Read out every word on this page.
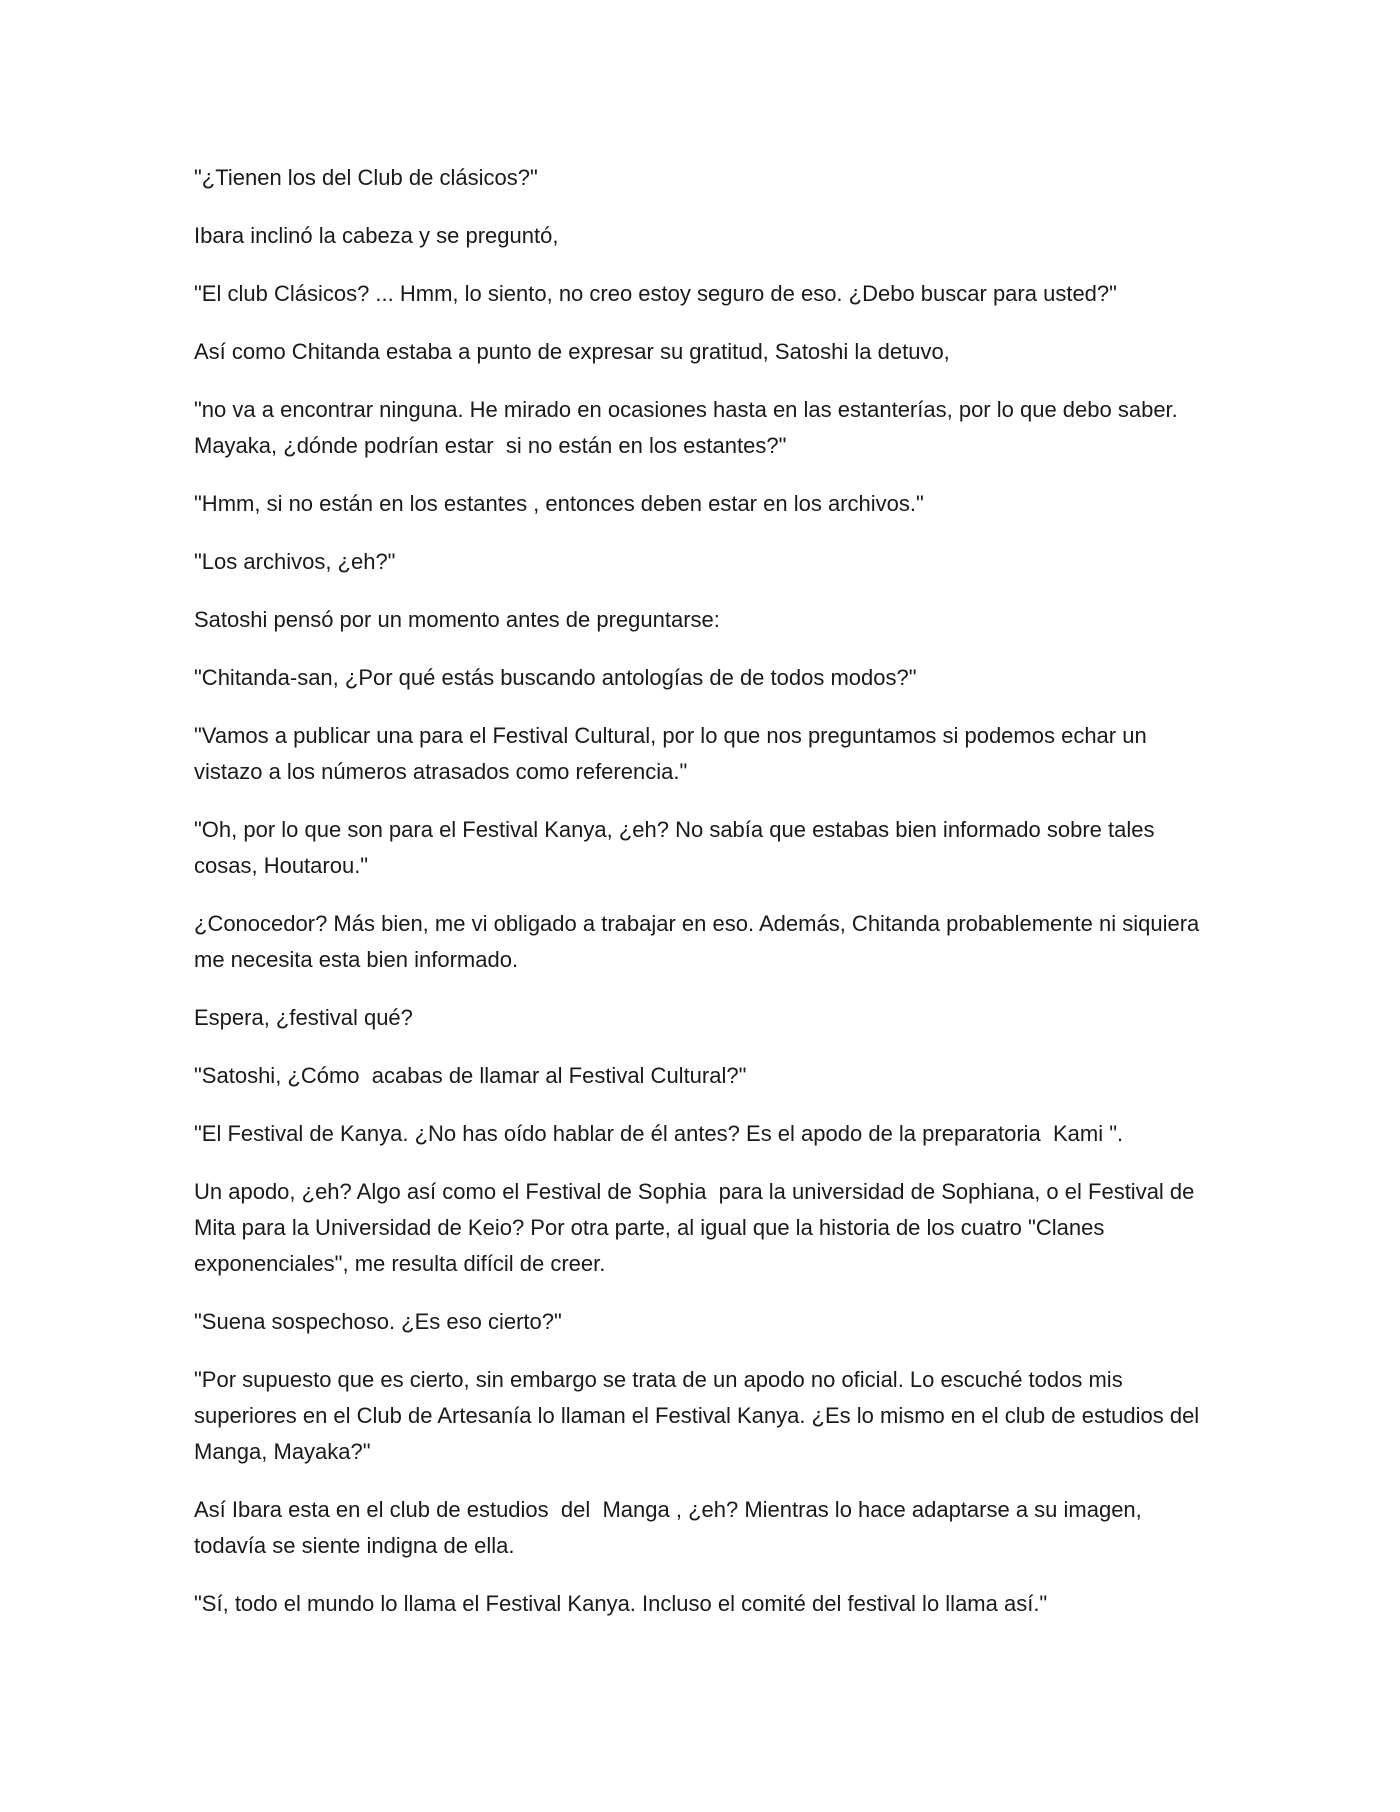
"¿Tienen los del Club de clásicos?"

Ibara inclinó la cabeza y se preguntó,

"El club Clásicos? ... Hmm, lo siento, no creo estoy seguro de eso. ¿Debo buscar para usted?"

Así como Chitanda estaba a punto de expresar su gratitud, Satoshi la detuvo,

"no va a encontrar ninguna. He mirado en ocasiones hasta en las estanterías, por lo que debo saber. Mayaka, ¿dónde podrían estar  si no están en los estantes?"

"Hmm, si no están en los estantes , entonces deben estar en los archivos."

"Los archivos, ¿eh?"

Satoshi pensó por un momento antes de preguntarse:

"Chitanda-san, ¿Por qué estás buscando antologías de de todos modos?"

"Vamos a publicar una para el Festival Cultural, por lo que nos preguntamos si podemos echar un vistazo a los números atrasados como referencia."

"Oh, por lo que son para el Festival Kanya, ¿eh? No sabía que estabas bien informado sobre tales cosas, Houtarou."

¿Conocedor? Más bien, me vi obligado a trabajar en eso. Además, Chitanda probablemente ni siquiera me necesita esta bien informado.

Espera, ¿festival qué?

"Satoshi, ¿Cómo  acabas de llamar al Festival Cultural?"

"El Festival de Kanya. ¿No has oído hablar de él antes? Es el apodo de la preparatoria  Kami ".

Un apodo, ¿eh? Algo así como el Festival de Sophia  para la universidad de Sophiana, o el Festival de Mita para la Universidad de Keio? Por otra parte, al igual que la historia de los cuatro "Clanes exponenciales", me resulta difícil de creer.

"Suena sospechoso. ¿Es eso cierto?"

"Por supuesto que es cierto, sin embargo se trata de un apodo no oficial. Lo escuché todos mis superiores en el Club de Artesanía lo llaman el Festival Kanya. ¿Es lo mismo en el club de estudios del  Manga, Mayaka?"

Así Ibara esta en el club de estudios  del  Manga , ¿eh? Mientras lo hace adaptarse a su imagen, todavía se siente indigna de ella.

"Sí, todo el mundo lo llama el Festival Kanya. Incluso el comité del festival lo llama así."
